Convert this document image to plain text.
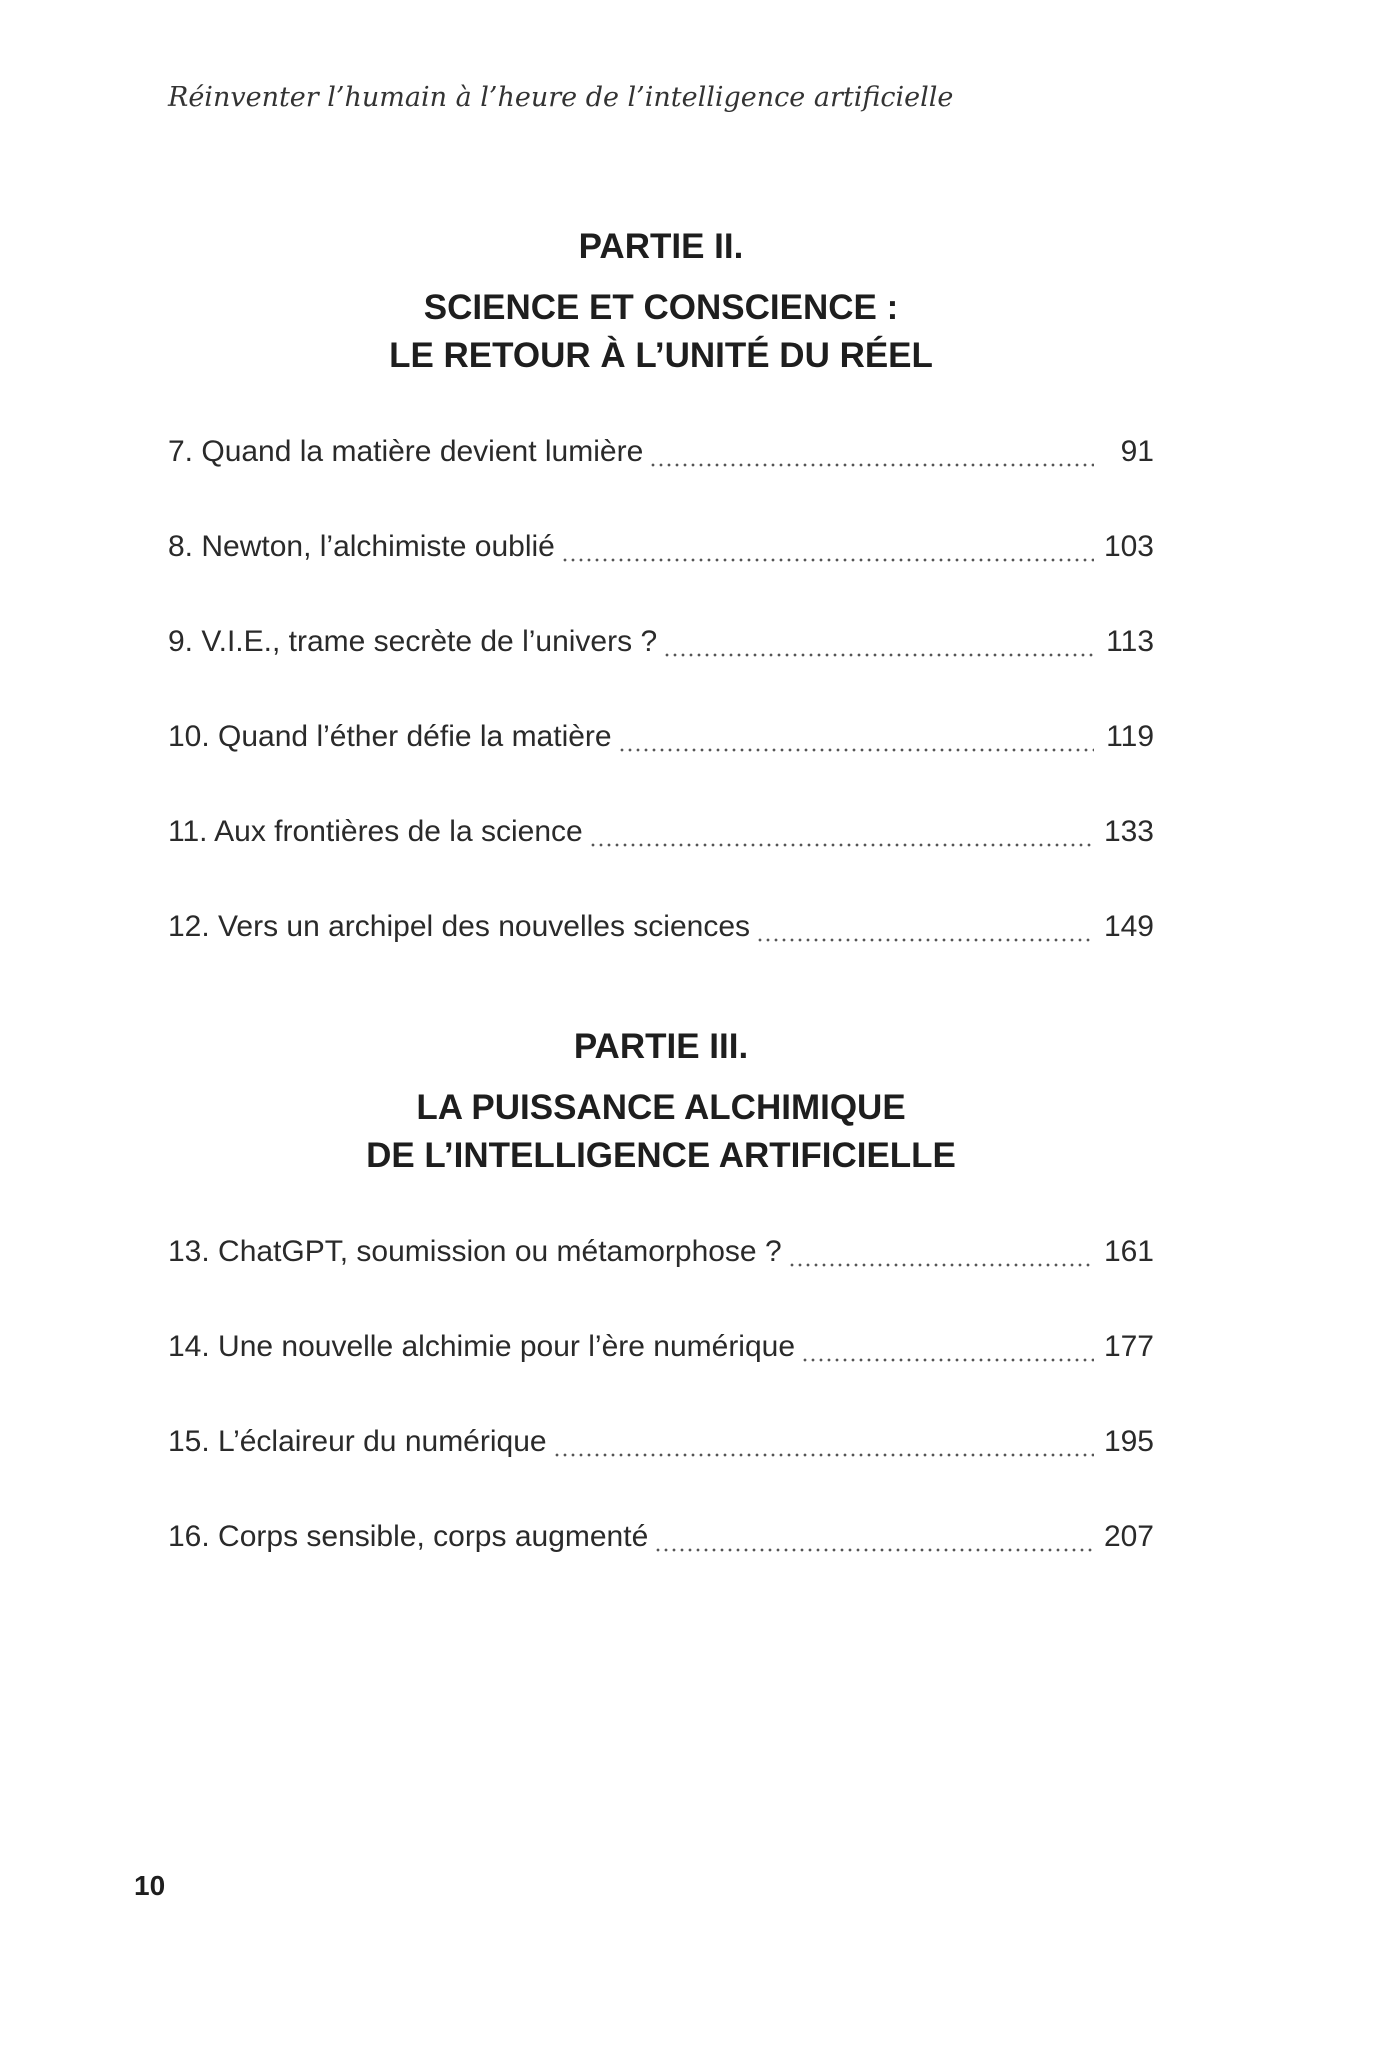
Réinventer l’humain à l’heure de l’intelligence artificielle
PARTIE II.
SCIENCE ET CONSCIENCE :
LE RETOUR À L’UNITÉ DU RÉEL
7. Quand la matière devient lumière	91
8. Newton, l’alchimiste oublié	103
9. V.I.E., trame secrète de l’univers ?	113
10. Quand l’éther défie la matière	119
11. Aux frontières de la science	133
12. Vers un archipel des nouvelles sciences	149
PARTIE III.
LA PUISSANCE ALCHIMIQUE
DE L’INTELLIGENCE ARTIFICIELLE
13. ChatGPT, soumission ou métamorphose ?	161
14. Une nouvelle alchimie pour l’ère numérique	177
15. L’éclaireur du numérique	195
16. Corps sensible, corps augmenté	207
10
